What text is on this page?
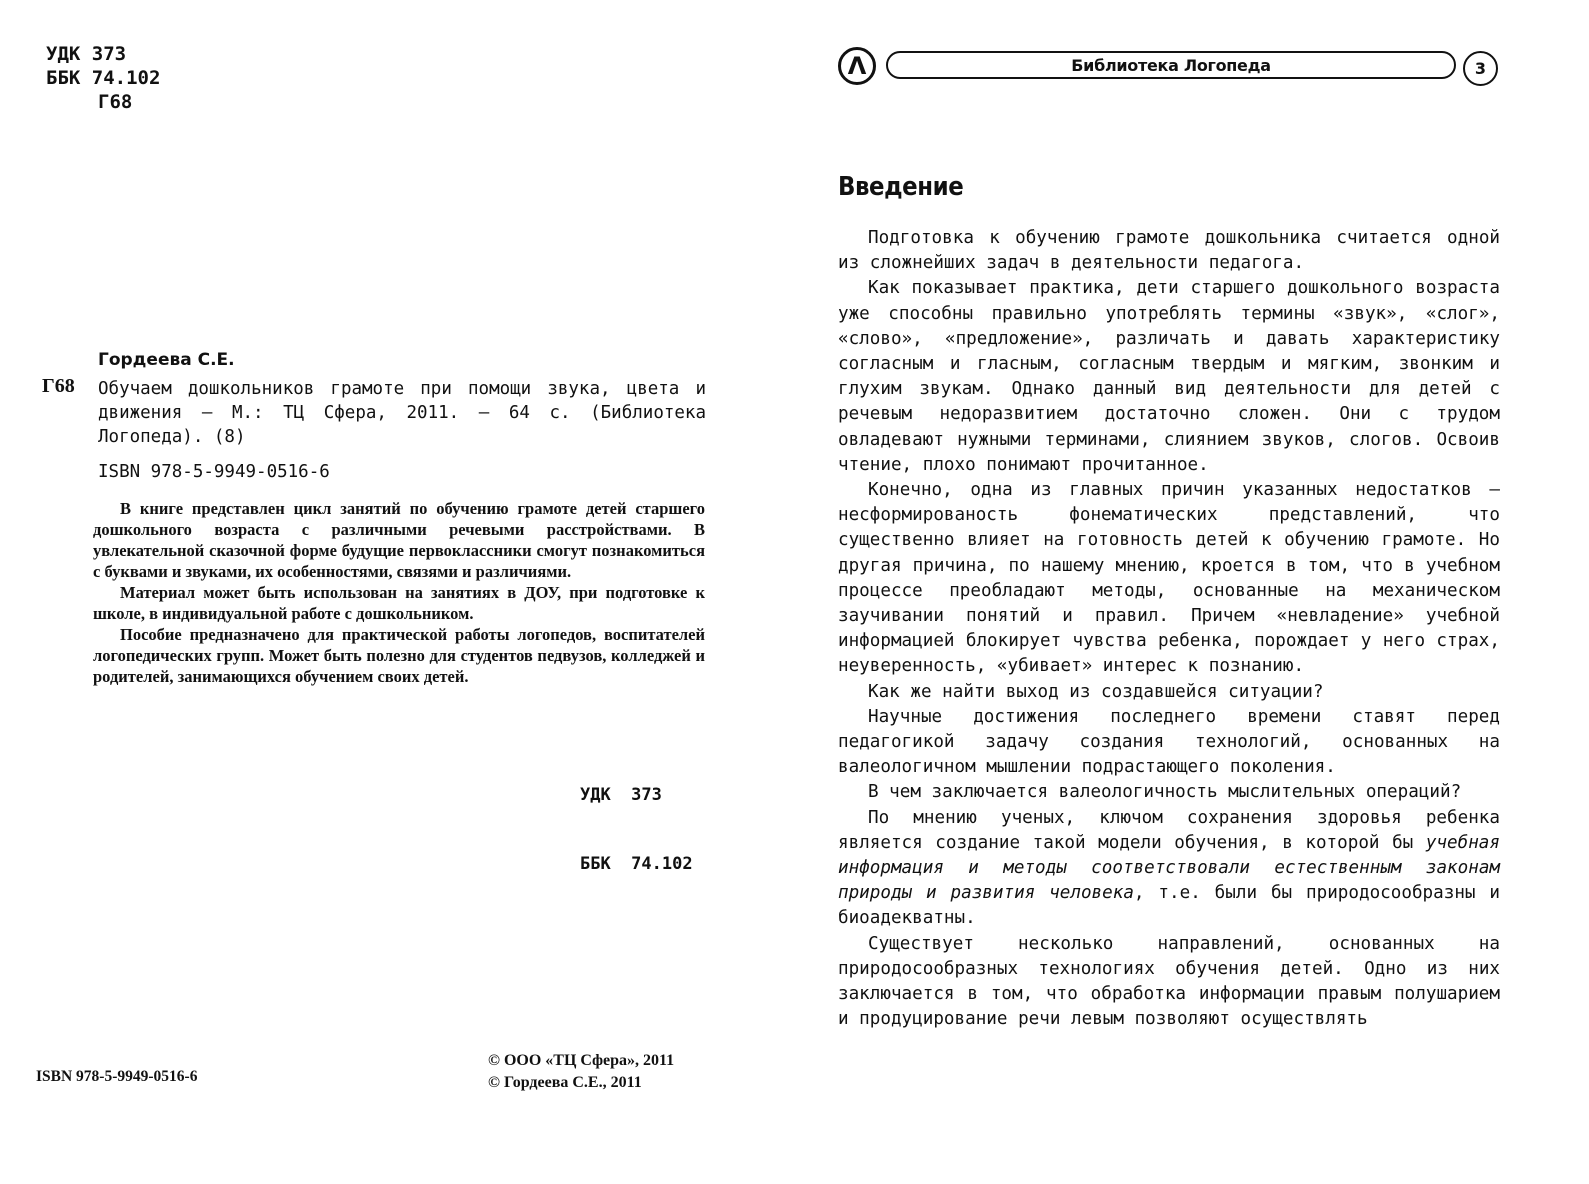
УДК 373
ББК 74.102
Г68
Гордеева С.Е.
Г68 Обучаем дошкольников грамоте при помощи звука, цвета и движения — М.: ТЦ Сфера, 2011. — 64 с. (Библиотека Логопеда). (8)
ISBN 978-5-9949-0516-6

В книге представлен цикл занятий по обучению грамоте детей старшего дошкольного возраста с различными речевыми расстройствами. В увлекательной сказочной форме будущие первоклассники смогут познакомиться с буквами и звуками, их особенностями, связями и различиями.

Материал может быть использован на занятиях в ДОУ, при подготовке к школе, в индивидуальной работе с дошкольником.

Пособие предназначено для практической работы логопедов, воспитателей логопедических групп. Может быть полезно для студентов педвузов, колледжей и родителей, занимающихся обучением своих детей.

УДК  373

ББК  74.102

ISBN 978-5-9949-0516-6
© ООО «ТЦ Сфера», 2011
© Гордеева С.Е., 2011
Λ	Библиотека Логопеда	3
Введение

Подготовка к обучению грамоте дошкольника считается одной из сложнейших задач в деятельности педагога.

Как показывает практика, дети старшего дошкольного возраста уже способны правильно употреблять термины «звук», «слог», «слово», «предложение», различать и давать характеристику согласным и гласным, согласным твердым и мягким, звонким и глухим звукам. Однако данный вид деятельности для детей с речевым недоразвитием достаточно сложен. Они с трудом овладевают нужными терминами, слиянием звуков, слогов. Освоив чтение, плохо понимают прочитанное.

Конечно, одна из главных причин указанных недостатков — несформированость фонематических представлений, что существенно влияет на готовность детей к обучению грамоте. Но другая причина, по нашему мнению, кроется в том, что в учебном процессе преобладают методы, основанные на механическом заучивании понятий и правил. Причем «невладение» учебной информацией блокирует чувства ребенка, порождает у него страх, неуверенность, «убивает» интерес к познанию.

Как же найти выход из создавшейся ситуации?

Научные достижения последнего времени ставят перед педагогикой задачу создания технологий, основанных на валеологичном мышлении подрастающего поколения.

В чем заключается валеологичность мыслительных операций?

По мнению ученых, ключом сохранения здоровья ребенка является создание такой модели обучения, в которой бы учебная информация и методы соответствовали естественным законам природы и развития человека, т.е. были бы природосообразны и биоадекватны.

Существует несколько направлений, основанных на природосообразных технологиях обучения детей. Одно из них заключается в том, что обработка информации правым полушарием и продуцирование речи левым позволяют осуществлять
